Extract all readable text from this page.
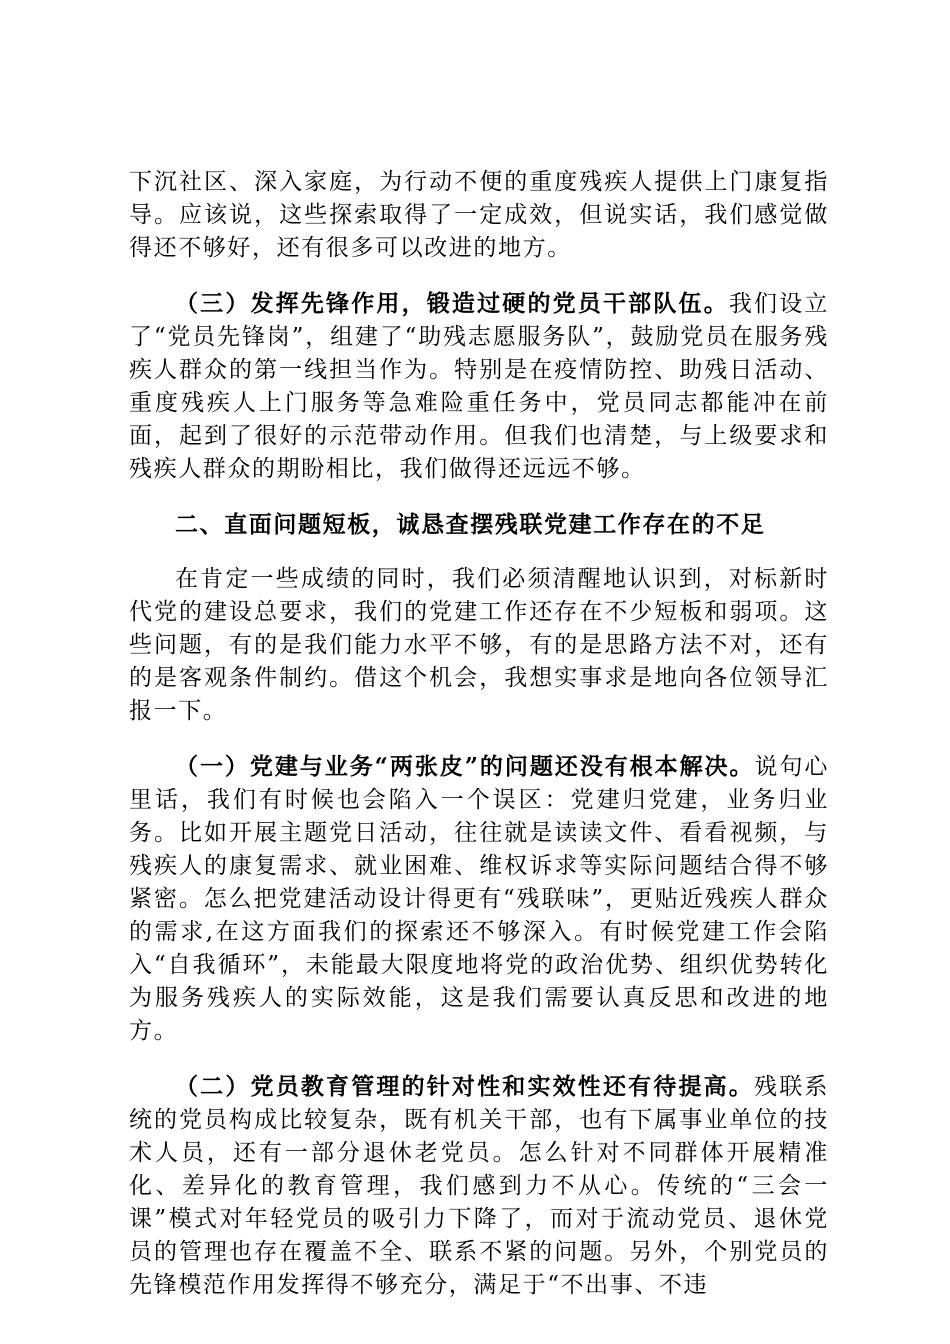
下沉社区、深入家庭，为行动不便的重度残疾人提供上门康复指导。应该说，这些探索取得了一定成效，但说实话，我们感觉做得还不够好，还有很多可以改进的地方。

（三）发挥先锋作用，锻造过硬的党员干部队伍。我们设立了“党员先锋岗”，组建了“助残志愿服务队”，鼓励党员在服务残疾人群众的第一线担当作为。特别是在疫情防控、助残日活动、重度残疾人上门服务等急难险重任务中，党员同志都能冲在前面，起到了很好的示范带动作用。但我们也清楚，与上级要求和残疾人群众的期盼相比，我们做得还远远不够。

二、直面问题短板，诚恳查摆残联党建工作存在的不足

在肯定一些成绩的同时，我们必须清醒地认识到，对标新时代党的建设总要求，我们的党建工作还存在不少短板和弱项。这些问题，有的是我们能力水平不够，有的是思路方法不对，还有的是客观条件制约。借这个机会，我想实事求是地向各位领导汇报一下。

（一）党建与业务“两张皮”的问题还没有根本解决。说句心里话，我们有时候也会陷入一个误区：党建归党建，业务归业务。比如开展主题党日活动，往往就是读读文件、看看视频，与残疾人的康复需求、就业困难、维权诉求等实际问题结合得不够紧密。怎么把党建活动设计得更有“残联味”，更贴近残疾人群众的需求,在这方面我们的探索还不够深入。有时候党建工作会陷入“自我循环”，未能最大限度地将党的政治优势、组织优势转化为服务残疾人的实际效能，这是我们需要认真反思和改进的地方。

（二）党员教育管理的针对性和实效性还有待提高。残联系统的党员构成比较复杂，既有机关干部，也有下属事业单位的技术人员，还有一部分退休老党员。怎么针对不同群体开展精准化、差异化的教育管理，我们感到力不从心。传统的“三会一课”模式对年轻党员的吸引力下降了，而对于流动党员、退休党员的管理也存在覆盖不全、联系不紧的问题。另外，个别党员的先锋模范作用发挥得不够充分，满足于“不出事、不违
